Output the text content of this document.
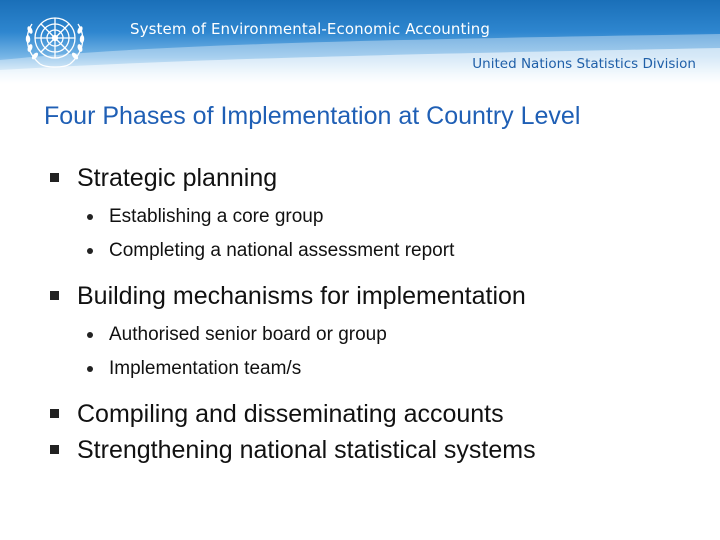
System of Environmental-Economic Accounting
United Nations Statistics Division
Four Phases of Implementation at Country Level
Strategic planning
Establishing a core group
Completing a national assessment report
Building mechanisms for implementation
Authorised senior board or group
Implementation team/s
Compiling and disseminating accounts
Strengthening national statistical systems
